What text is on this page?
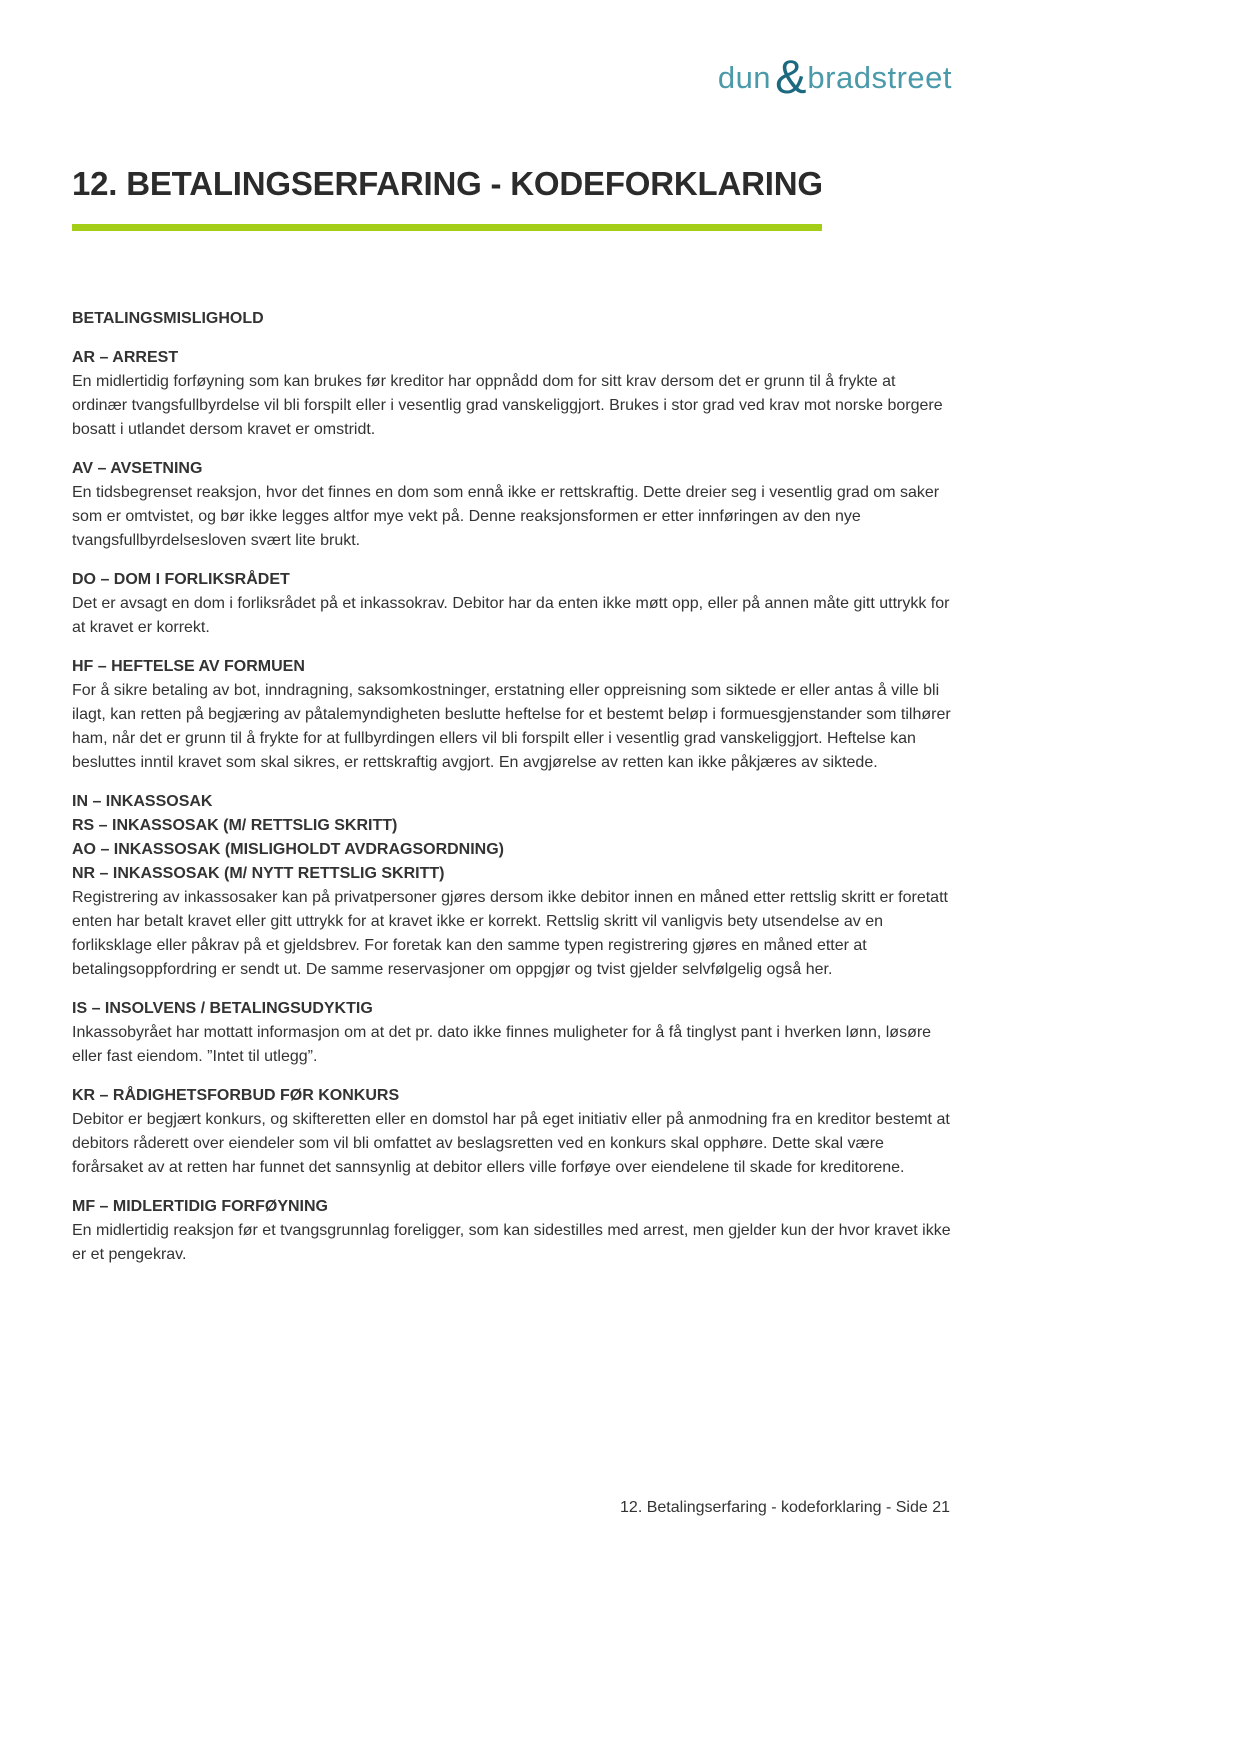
dun & bradstreet
12. BETALINGSERFARING - KODEFORKLARING
BETALINGSMISLIGHOLD
AR – ARREST

En midlertidig forføyning som kan brukes før kreditor har oppnådd dom for sitt krav dersom det er grunn til å frykte at ordinær tvangsfullbyrdelse vil bli forspilt eller i vesentlig grad vanskeliggjort. Brukes i stor grad ved krav mot norske borgere bosatt i utlandet dersom kravet er omstridt.

AV – AVSETNING

En tidsbegrenset reaksjon, hvor det finnes en dom som ennå ikke er rettskraftig. Dette dreier seg i vesentlig grad om saker som er omtvistet, og bør ikke legges altfor mye vekt på. Denne reaksjonsformen er etter innføringen av den nye tvangsfullbyrdelsesloven svært lite brukt.

DO – DOM I FORLIKSRÅDET

Det er avsagt en dom i forliksrådet på et inkassokrav. Debitor har da enten ikke møtt opp, eller på annen måte gitt uttrykk for at kravet er korrekt.

HF – HEFTELSE AV FORMUEN

For å sikre betaling av bot, inndragning, saksomkostninger, erstatning eller oppreisning som siktede er eller antas å ville bli ilagt, kan retten på begjæring av påtalemyndigheten beslutte heftelse for et bestemt beløp i formuesgjenstander som tilhører ham, når det er grunn til å frykte for at fullbyrdingen ellers vil bli forspilt eller i vesentlig grad vanskeliggjort. Heftelse kan besluttes inntil kravet som skal sikres, er rettskraftig avgjort. En avgjørelse av retten kan ikke påkjæres av siktede.

IN – INKASSOSAK
RS – INKASSOSAK (M/ RETTSLIG SKRITT)
AO – INKASSOSAK (MISLIGHOLDT AVDRAGSORDNING)
NR – INKASSOSAK (M/ NYTT RETTSLIG SKRITT)

Registrering av inkassosaker kan på privatpersoner gjøres dersom ikke debitor innen en måned etter rettslig skritt er foretatt enten har betalt kravet eller gitt uttrykk for at kravet ikke er korrekt. Rettslig skritt vil vanligvis bety utsendelse av en forliksklage eller påkrav på et gjeldsbrev. For foretak kan den samme typen registrering gjøres en måned etter at betalingsoppfordring er sendt ut. De samme reservasjoner om oppgjør og tvist gjelder selvfølgelig også her.

IS – INSOLVENS / BETALINGSUDYKTIG

Inkassobyrået har mottatt informasjon om at det pr. dato ikke finnes muligheter for å få tinglyst pant i hverken lønn, løsøre eller fast eiendom. ”Intet til utlegg”.

KR – RÅDIGHETSFORBUD FØR KONKURS

Debitor er begjært konkurs, og skifteretten eller en domstol har på eget initiativ eller på anmodning fra en kreditor bestemt at debitors råderett over eiendeler som vil bli omfattet av beslagsretten ved en konkurs skal opphøre. Dette skal være forårsaket av at retten har funnet det sannsynlig at debitor ellers ville forføye over eiendelene til skade for kreditorene.

MF – MIDLERTIDIG FORFØYNING

En midlertidig reaksjon før et tvangsgrunnlag foreligger, som kan sidestilles med arrest, men gjelder kun der hvor kravet ikke er et pengekrav.

12. Betalingserfaring - kodeforklaring - Side 21
